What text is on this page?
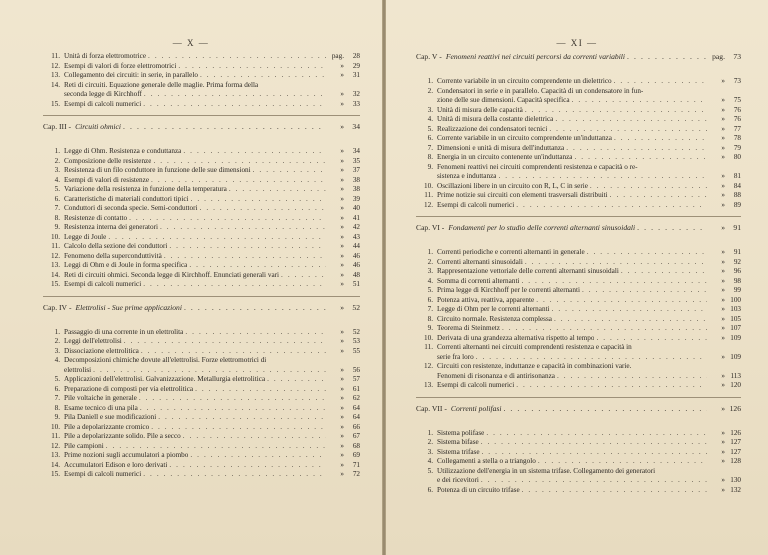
— X —
11. Unità di forza elettromotrice . . .	pag.	28
12. Esempi di valori di forze elettromotrici . . .	»	29
13. Collegamento dei circuiti: in serie, in parallelo . . .	»	31
14. Reti di circuiti. Equazione generale delle maglie. Prima forma della
seconda legge di Kirchhoff . . .	»	32
15. Esempi di calcoli numerici . . .	»	33
Cap. III -
Circuiti ohmici . . .	»	34
1. Legge di Ohm. Resistenza e conduttanza . . .	»	34
2. Composizione delle resistenze . . .	»	35
3. Resistenza di un filo conduttore in funzione delle sue dimensioni . . .	»	37
4. Esempi di valori di resistenze . . .	»	38
5. Variazione della resistenza in funzione della temperatura . . .	»	38
6. Caratteristiche di materiali conduttori tipici . . .	»	39
7. Conduttori di seconda specie. Semi-conduttori . . .	»	40
8. Resistenze di contatto . . .	»	41
9. Resistenza interna dei generatori . . .	»	42
10. Legge di Joule . . .	»	43
11. Calcolo della sezione dei conduttori . . .	»	44
12. Fenomeno della superconduttività . . .	»	46
13. Leggi di Ohm e di Joule in forma specifica . . .	»	46
14. Reti di circuiti ohmici. Seconda legge di Kirchhoff. Enunciati generali vari . . .	»	48
15. Esempi di calcoli numerici . . .	»	51
Cap. IV -
Elettrolisi - Sue prime applicazioni . . .	»	52
1. Passaggio di una corrente in un elettrolita . . .	»	52
2. Leggi dell'elettrolisi . . .	»	53
3. Dissociazione elettrolitica . . .	»	55
4. Decomposizioni chimiche dovute all'elettrolisi. Forze elettromotrici di
elettrolisi . . .	»	56
5. Applicazioni dell'elettrolisi. Galvanizzazione. Metallurgia elettrolitica . . .	»	57
6. Preparazione di composti per via elettrolitica . . .	»	61
7. Pile voltaiche in generale . . .	»	62
8. Esame tecnico di una pila . . .	»	64
9. Pila Daniell e sue modificazioni . . .	»	64
10. Pile a depolarizzante cromico . . .	»	66
11. Pile a depolarizzante solido. Pile a secco . . .	»	67
12. Pile campioni . . .	»	68
13. Prime nozioni sugli accumulatori a piombo . . .	»	69
14. Accumulatori Edison e loro derivati . . .	»	71
15. Esempi di calcoli numerici . . .	»	72
— XI —
Cap. V -
Fenomeni reattivi nei circuiti percorsi da correnti variabili . . .	pag.	73
1. Corrente variabile in un circuito comprendente un dielettrico . . .	»	73
2. Condensatori in serie e in parallelo. Capacità di un condensatore in fun-
zione delle sue dimensioni. Capacità specifica . . .	»	75
3. Unità di misura delle capacità . . .	»	76
4. Unità di misura della costante dielettrica . . .	»	76
5. Realizzazione dei condensatori tecnici . . .	»	77
6. Corrente variabile in un circuito comprendente un'induttanza . . .	»	78
7. Dimensioni e unità di misura dell'induttanza . . .	»	79
8. Energia in un circuito contenente un'induttanza . . .	»	80
9. Fenomeni reattivi nei circuiti comprendenti resistenza e capacità o re-
sistenza e induttanza . . .	»	81
10. Oscillazioni libere in un circuito con R, L, C in serie . . .	»	84
11. Prime notizie sui circuiti con elementi trasversali distribuiti . . .	»	88
12. Esempi di calcoli numerici . . .	»	89
Cap. VI -
Fondamenti per lo studio delle correnti alternanti sinusoidali . . .	»	91
1. Correnti periodiche e correnti alternanti in generale . . .	»	91
2. Correnti alternanti sinusoidali . . .	»	92
3. Rappresentazione vettoriale delle correnti alternanti sinusoidali . . .	»	96
4. Somma di correnti alternanti . . .	»	98
5. Prima legge di Kirchhoff per le correnti alternanti . . .	»	99
6. Potenza attiva, reattiva, apparente . . .	» 100
7. Legge di Ohm per le correnti alternanti . . .	» 103
8. Circuito normale. Resistenza complessa . . .	» 105
9. Teorema di Steinmetz . . .	» 107
10. Derivata di una grandezza alternativa rispetto al tempo . . .	» 109
11. Correnti alternanti nei circuiti comprendenti resistenza e capacità in
serie fra loro . . .	» 109
12. Circuiti con resistenze, induttanze e capacità in combinazioni varie.
Fenomeni di risonanza e di antirisonanza . . .	» 113
13. Esempi di calcoli numerici . . .	» 120
Cap. VII -
Correnti polifasi . . .	» 126
1. Sistema polifase . . .	» 126
2. Sistema bifase . . .	» 127
3. Sistema trifase . . .	» 127
4. Collegamenti a stella o a triangolo . . .	» 128
5. Utilizzazione dell'energia in un sistema trifase. Collegamento dei generatori
e dei ricevitori . . .	» 130
6. Potenza di un circuito trifase . . .	» 132
